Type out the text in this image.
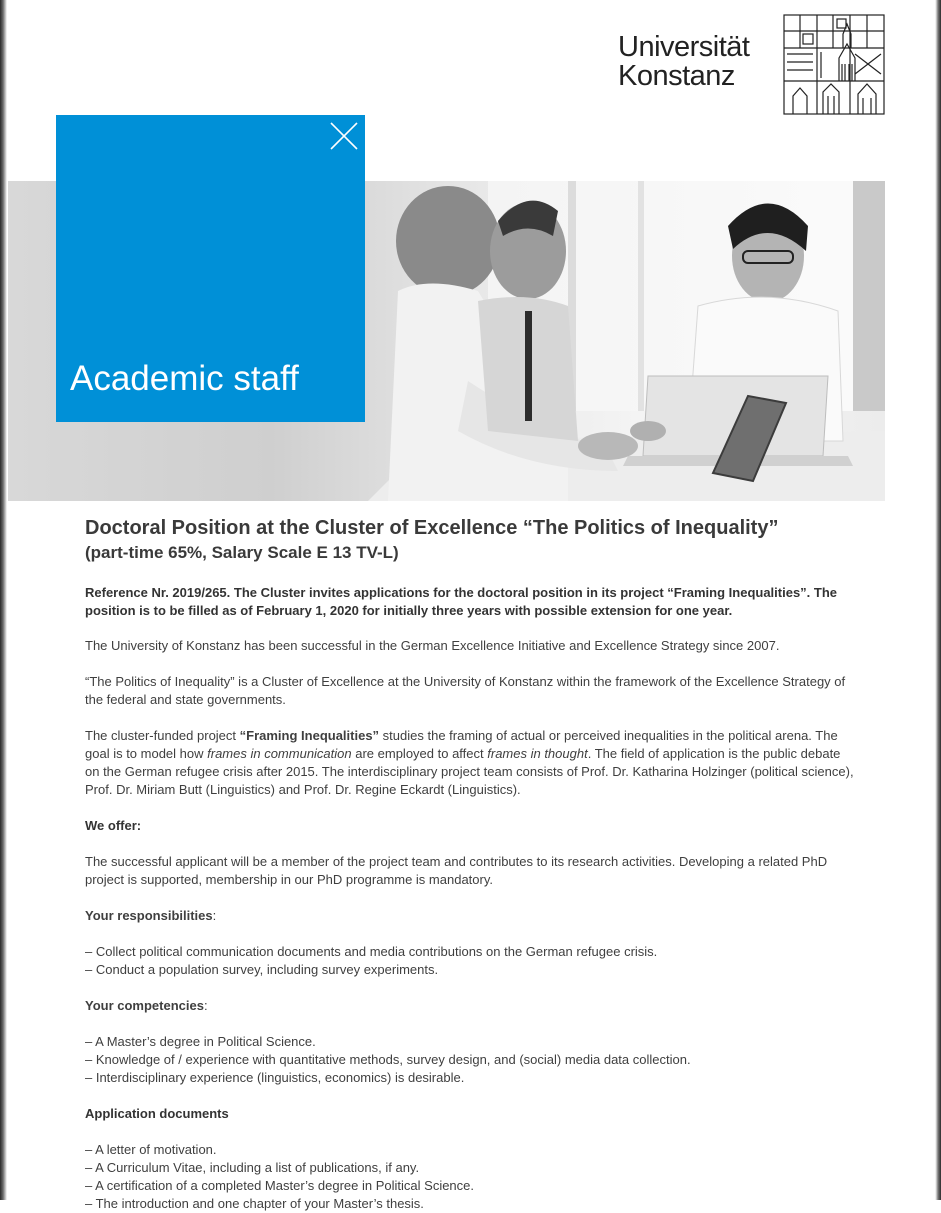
Universität
Konstanz
Academic staff
Doctoral Position at the Cluster of Excellence “The Politics of Inequality”
(part-time 65%, Salary Scale E 13 TV-L)

Reference Nr. 2019/265. The Cluster invites applications for the doctoral position in its project “Framing Inequalities”. The position is to be filled as of February 1, 2020 for initially three years with possible extension for one year.

The University of Konstanz has been successful in the German Excellence Initiative and Excellence Strategy since 2007.

“The Politics of Inequality” is a Cluster of Excellence at the University of Konstanz within the framework of the Excellence Strategy of the federal and state governments.

The cluster-funded project “Framing Inequalities” studies the framing of actual or perceived inequalities in the political arena. The goal is to model how frames in communication are employed to affect frames in thought. The field of application is the public debate on the German refugee crisis after 2015. The interdisciplinary project team consists of Prof. Dr. Katharina Holzinger (political science), Prof. Dr. Miriam Butt (Linguistics) and Prof. Dr. Regine Eckardt (Linguistics).

We offer:

The successful applicant will be a member of the project team and contributes to its research activities. Developing a related PhD project is supported, membership in our PhD programme is mandatory.

Your responsibilities:

– Collect political communication documents and media contributions on the German refugee crisis.
– Conduct a population survey, including survey experiments.

Your competencies:

– A Master’s degree in Political Science.
– Knowledge of / experience with quantitative methods, survey design, and (social) media data collection.
– Interdisciplinary experience (linguistics, economics) is desirable.

Application documents

– A letter of motivation.
– A Curriculum Vitae, including a list of publications, if any.
– A certification of a completed Master’s degree in Political Science.
– The introduction and one chapter of your Master’s thesis.
